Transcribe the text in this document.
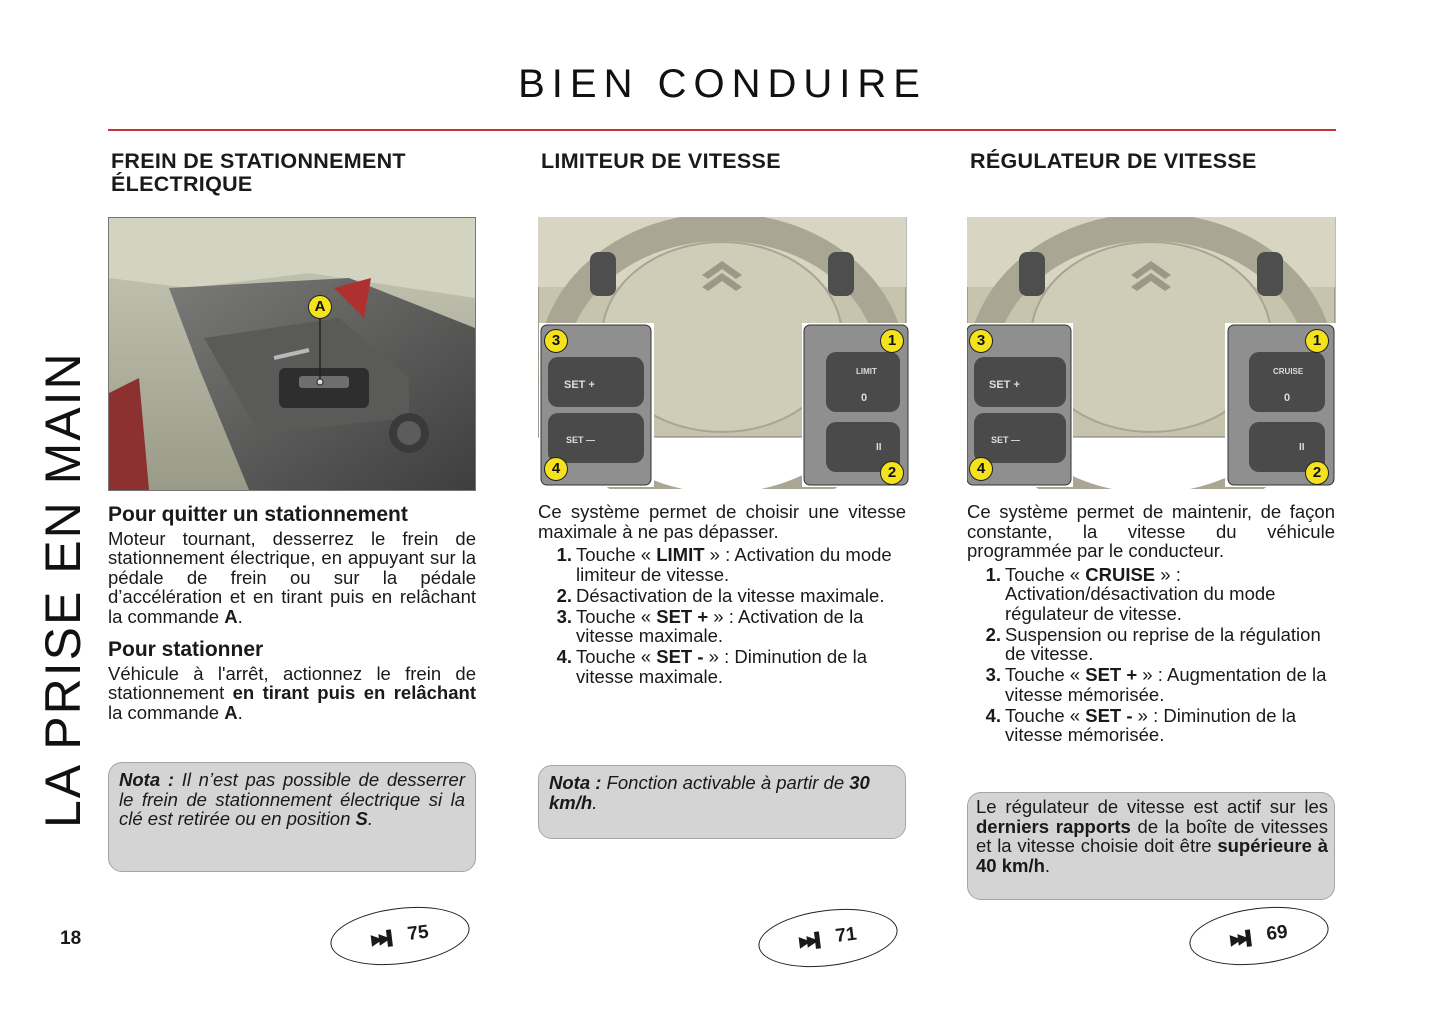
BIEN CONDUIRE
LA PRISE EN MAIN
18
FREIN DE STATIONNEMENT
ÉLECTRIQUE
A
Pour quitter un stationnement

Moteur tournant, desserrez le frein de stationnement électrique, en appuyant sur la pédale de frein ou sur la pédale d’accélération et en tirant puis en relâchant la commande A.

Pour stationner

Véhicule à l'arrêt, actionnez le frein de stationnement en tirant puis en relâchant la commande A.

Nota : Il n’est pas possible de desserrer le frein de stationnement électrique si la clé est retirée ou en position S.
LIMITEUR DE VITESSE
SET +
SET —
LIMIT
0
II
3
4
1
2

Ce système permet de choisir une vitesse maximale à ne pas dépasser.

1. Touche « LIMIT » : Activation du mode limiteur de vitesse.
2. Désactivation de la vitesse maximale.
3. Touche « SET + » : Activation de la vitesse maximale.
4. Touche « SET - » : Diminution de la vitesse maximale.
Nota : Fonction activable à partir de 30 km/h.
RÉGULATEUR DE VITESSE
SET +
SET —
CRUISE
0
II
3
4
1
2

Ce système permet de maintenir, de façon constante, la vitesse du véhicule programmée par le conducteur.

1. Touche « CRUISE » : Activation/désactivation du mode régulateur de vitesse.
2. Suspension ou reprise de la régulation de vitesse.
3. Touche « SET + » : Augmentation de la vitesse mémorisée.
4. Touche « SET - » : Diminution de la vitesse mémorisée.
Le régulateur de vitesse est actif sur les derniers rapports de la boîte de vitesses et la vitesse choisie doit être supérieure à 40 km/h.
▶▶▌ 75	▶▶▌ 71	▶▶▌ 69
